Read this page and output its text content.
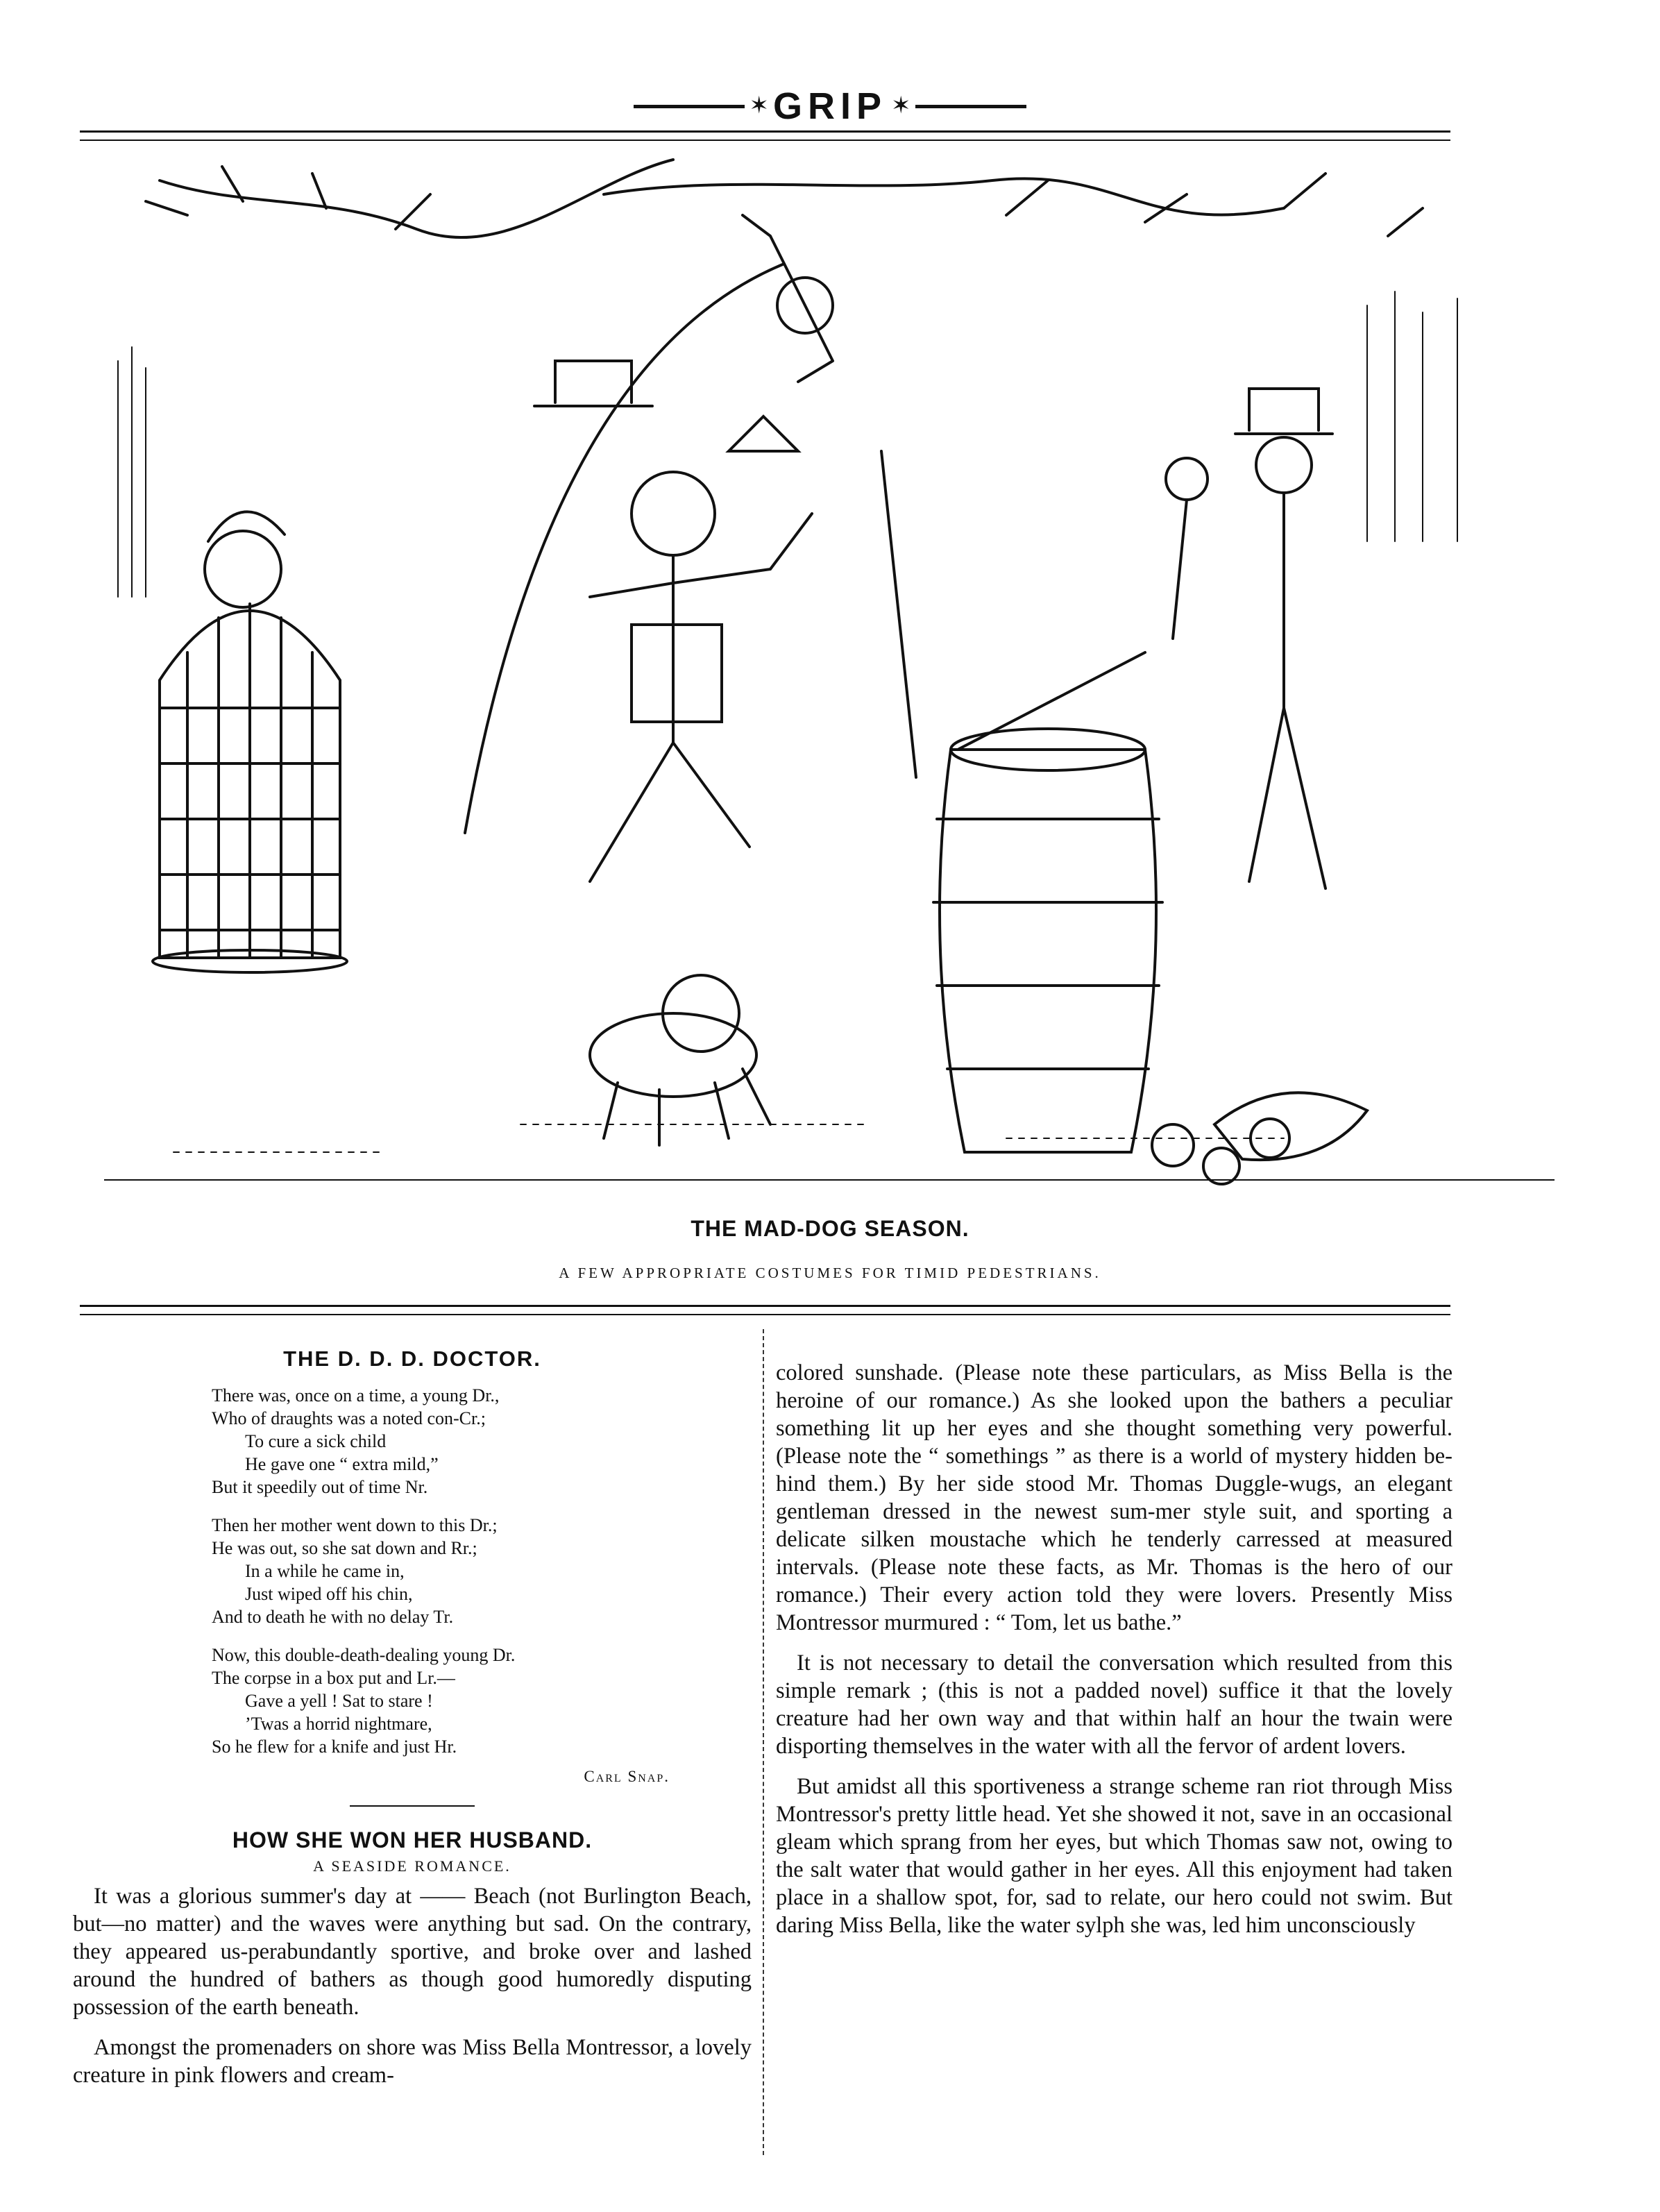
✶ GRIP ✶
THE MAD-DOG SEASON.
A FEW APPROPRIATE COSTUMES FOR TIMID PEDESTRIANS.
THE D. D. D. DOCTOR.
There was, once on a time, a young Dr.,
Who of draughts was a noted con-Cr.;
To cure a sick child
He gave one “ extra mild,”
But it speedily out of time Nr.
Then her mother went down to this Dr.;
He was out, so she sat down and Rr.;
In a while he came in,
Just wiped off his chin,
And to death he with no delay Tr.
Now, this double-death-dealing young Dr.
The corpse in a box put and Lr.—
Gave a yell ! Sat to stare !
’Twas a horrid nightmare,
So he flew for a knife and just Hr.
Carl Snap.
HOW SHE WON HER HUSBAND.
A SEASIDE ROMANCE.

It was a glorious summer's day at —— Beach (not Burlington Beach, but—no matter) and the waves were anything but sad. On the contrary, they appeared us-perabundantly sportive, and broke over and lashed around the hundred of bathers as though good humoredly disputing possession of the earth beneath.

Amongst the promenaders on shore was Miss Bella Montressor, a lovely creature in pink flowers and cream-

colored sunshade. (Please note these particulars, as Miss Bella is the heroine of our romance.) As she looked upon the bathers a peculiar something lit up her eyes and she thought something very powerful. (Please note the “ somethings ” as there is a world of mystery hidden be-hind them.) By her side stood Mr. Thomas Duggle-wugs, an elegant gentleman dressed in the newest sum-mer style suit, and sporting a delicate silken moustache which he tenderly carressed at measured intervals. (Please note these facts, as Mr. Thomas is the hero of our romance.) Their every action told they were lovers. Presently Miss Montressor murmured : “ Tom, let us bathe.”

It is not necessary to detail the conversation which resulted from this simple remark ; (this is not a padded novel) suffice it that the lovely creature had her own way and that within half an hour the twain were disporting themselves in the water with all the fervor of ardent lovers.

But amidst all this sportiveness a strange scheme ran riot through Miss Montressor's pretty little head. Yet she showed it not, save in an occasional gleam which sprang from her eyes, but which Thomas saw not, owing to the salt water that would gather in her eyes. All this enjoyment had taken place in a shallow spot, for, sad to relate, our hero could not swim. But daring Miss Bella, like the water sylph she was, led him unconsciously
